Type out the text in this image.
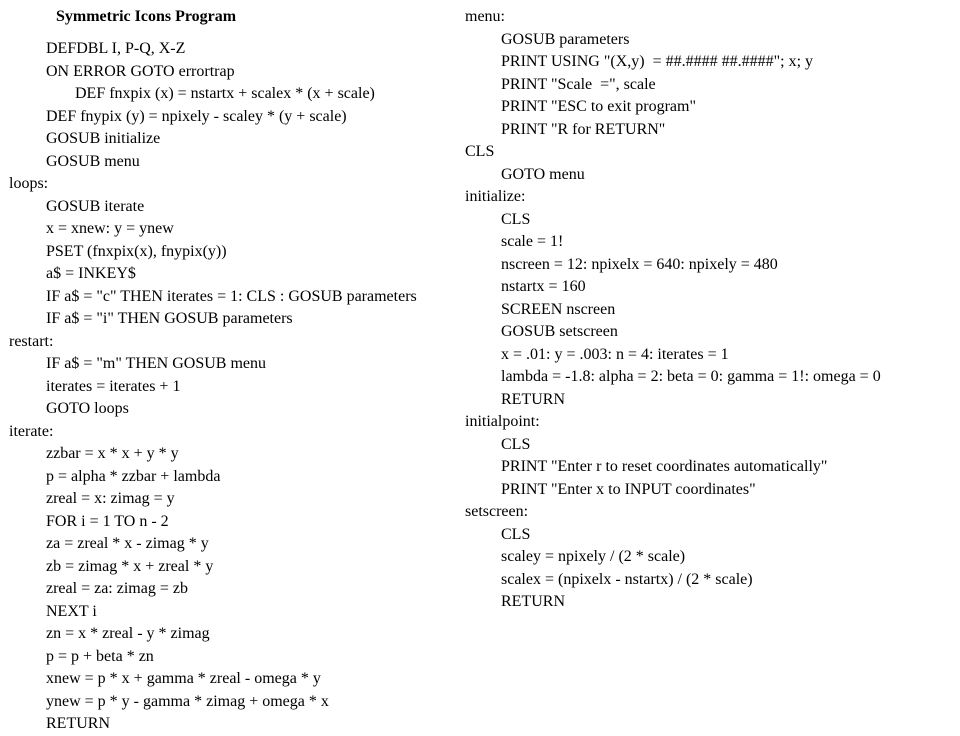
Symmetric Icons Program
DEFDBL I, P-Q, X-Z
ON ERROR GOTO errortrap
DEF fnxpix (x) = nstartx + scalex * (x + scale)
DEF fnypix (y) = npixely - scaley * (y + scale)
GOSUB initialize
GOSUB menu
loops:
GOSUB iterate
x = xnew: y = ynew
PSET (fnxpix(x), fnypix(y))
a$ = INKEY$
IF a$ = "c" THEN iterates = 1: CLS : GOSUB parameters
IF a$ = "i" THEN GOSUB parameters
restart:
IF a$ = "m" THEN GOSUB menu
iterates = iterates + 1
GOTO loops
iterate:
zzbar = x * x + y * y
p = alpha * zzbar + lambda
zreal = x: zimag = y
FOR i = 1 TO n - 2
za = zreal * x - zimag * y
zb = zimag * x + zreal * y
zreal = za: zimag = zb
NEXT i
zn = x * zreal - y * zimag
p = p + beta * zn
xnew = p * x + gamma * zreal - omega * y
ynew = p * y - gamma * zimag + omega * x
RETURN
menu:
GOSUB parameters
PRINT USING "(X,y)  = ##.#### ##.####"; x; y
PRINT "Scale  =", scale
PRINT "ESC to exit program"
PRINT "R for RETURN"
CLS
GOTO menu
initialize:
CLS
scale = 1!
nscreen = 12: npixelx = 640: npixely = 480
nstartx = 160
SCREEN nscreen
GOSUB setscreen
x = .01: y = .003: n = 4: iterates = 1
lambda = -1.8: alpha = 2: beta = 0: gamma = 1!: omega = 0
RETURN
initialpoint:
CLS
PRINT "Enter r to reset coordinates automatically"
PRINT "Enter x to INPUT coordinates"
setscreen:
CLS
scaley = npixely / (2 * scale)
scalex = (npixelx - nstartx) / (2 * scale)
RETURN
